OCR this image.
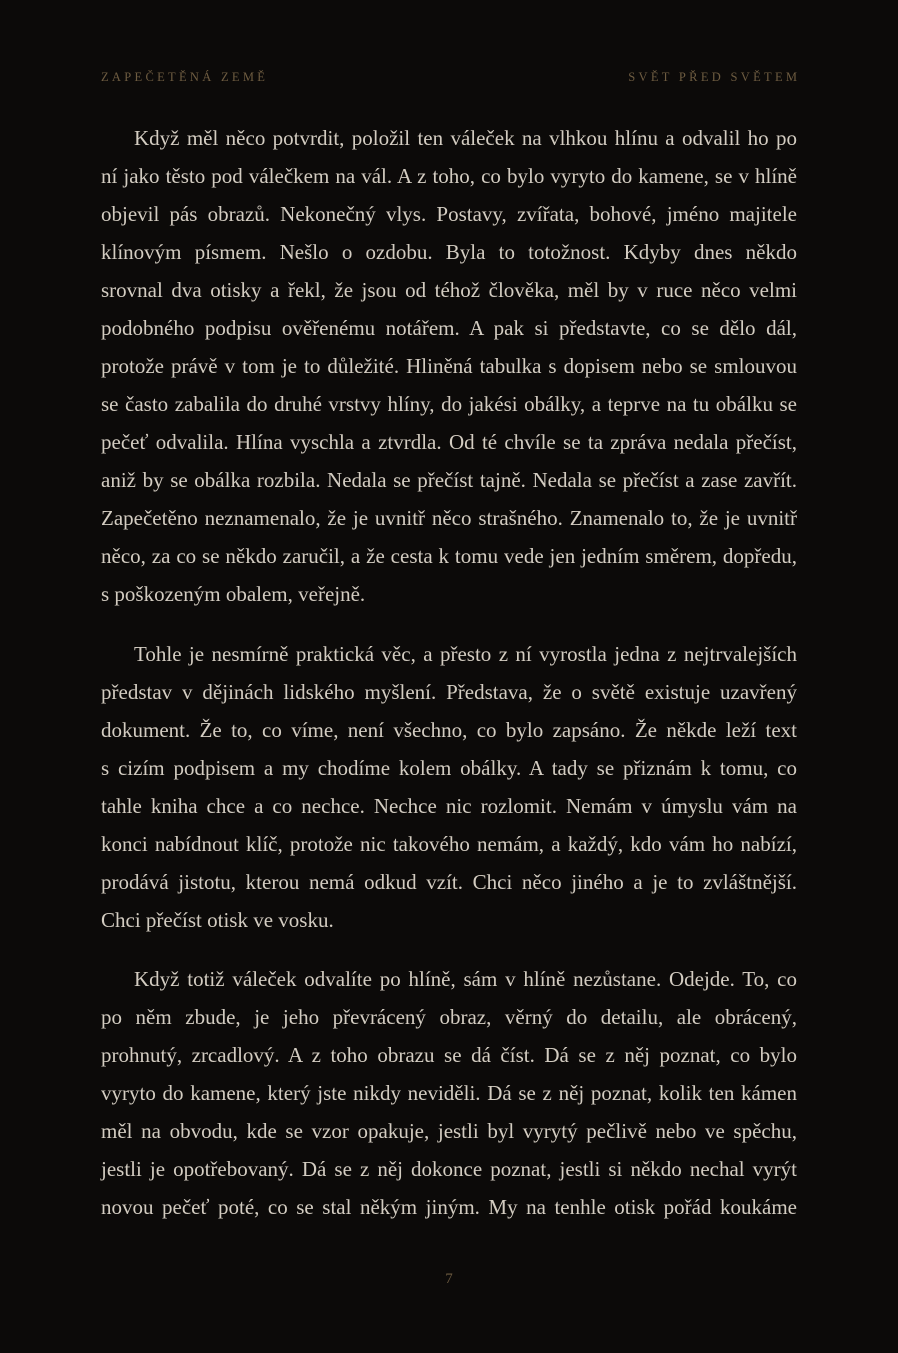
ZAPEČETĚNÁ ZEMĚ	SVĚT PŘED SVĚTEM
Když měl něco potvrdit, položil ten váleček na vlhkou hlínu a odvalil ho po
ní jako těsto pod válečkem na vál. A z toho, co bylo vyryto do kamene, se v hlíně
objevil pás obrazů. Nekonečný vlys. Postavy, zvířata, bohové, jméno majitele
klínovým písmem. Nešlo o ozdobu. Byla to totožnost. Kdyby dnes někdo
srovnal dva otisky a řekl, že jsou od téhož člověka, měl by v ruce něco velmi
podobného podpisu ověřenému notářem. A pak si představte, co se dělo dál,
protože právě v tom je to důležité. Hliněná tabulka s dopisem nebo se smlouvou
se často zabalila do druhé vrstvy hlíny, do jakési obálky, a teprve na tu obálku se
pečeť odvalila. Hlína vyschla a ztvrdla. Od té chvíle se ta zpráva nedala přečíst,
aniž by se obálka rozbila. Nedala se přečíst tajně. Nedala se přečíst a zase zavřít.
Zapečetěno neznamenalo, že je uvnitř něco strašného. Znamenalo to, že je uvnitř
něco, za co se někdo zaručil, a že cesta k tomu vede jen jedním směrem, dopředu,
s poškozeným obalem, veřejně.
Tohle je nesmírně praktická věc, a přesto z ní vyrostla jedna z nejtrvalejších
představ v dějinách lidského myšlení. Představa, že o světě existuje uzavřený
dokument. Že to, co víme, není všechno, co bylo zapsáno. Že někde leží text
s cizím podpisem a my chodíme kolem obálky. A tady se přiznám k tomu, co
tahle kniha chce a co nechce. Nechce nic rozlomit. Nemám v úmyslu vám na
konci nabídnout klíč, protože nic takového nemám, a každý, kdo vám ho nabízí,
prodává jistotu, kterou nemá odkud vzít. Chci něco jiného a je to zvláštnější.
Chci přečíst otisk ve vosku.
Když totiž váleček odvalíte po hlíně, sám v hlíně nezůstane. Odejde. To, co
po něm zbude, je jeho převrácený obraz, věrný do detailu, ale obrácený,
prohnutý, zrcadlový. A z toho obrazu se dá číst. Dá se z něj poznat, co bylo
vyryto do kamene, který jste nikdy neviděli. Dá se z něj poznat, kolik ten kámen
měl na obvodu, kde se vzor opakuje, jestli byl vyrytý pečlivě nebo ve spěchu,
jestli je opotřebovaný. Dá se z něj dokonce poznat, jestli si někdo nechal vyrýt
novou pečeť poté, co se stal někým jiným. My na tenhle otisk pořád koukáme
7
